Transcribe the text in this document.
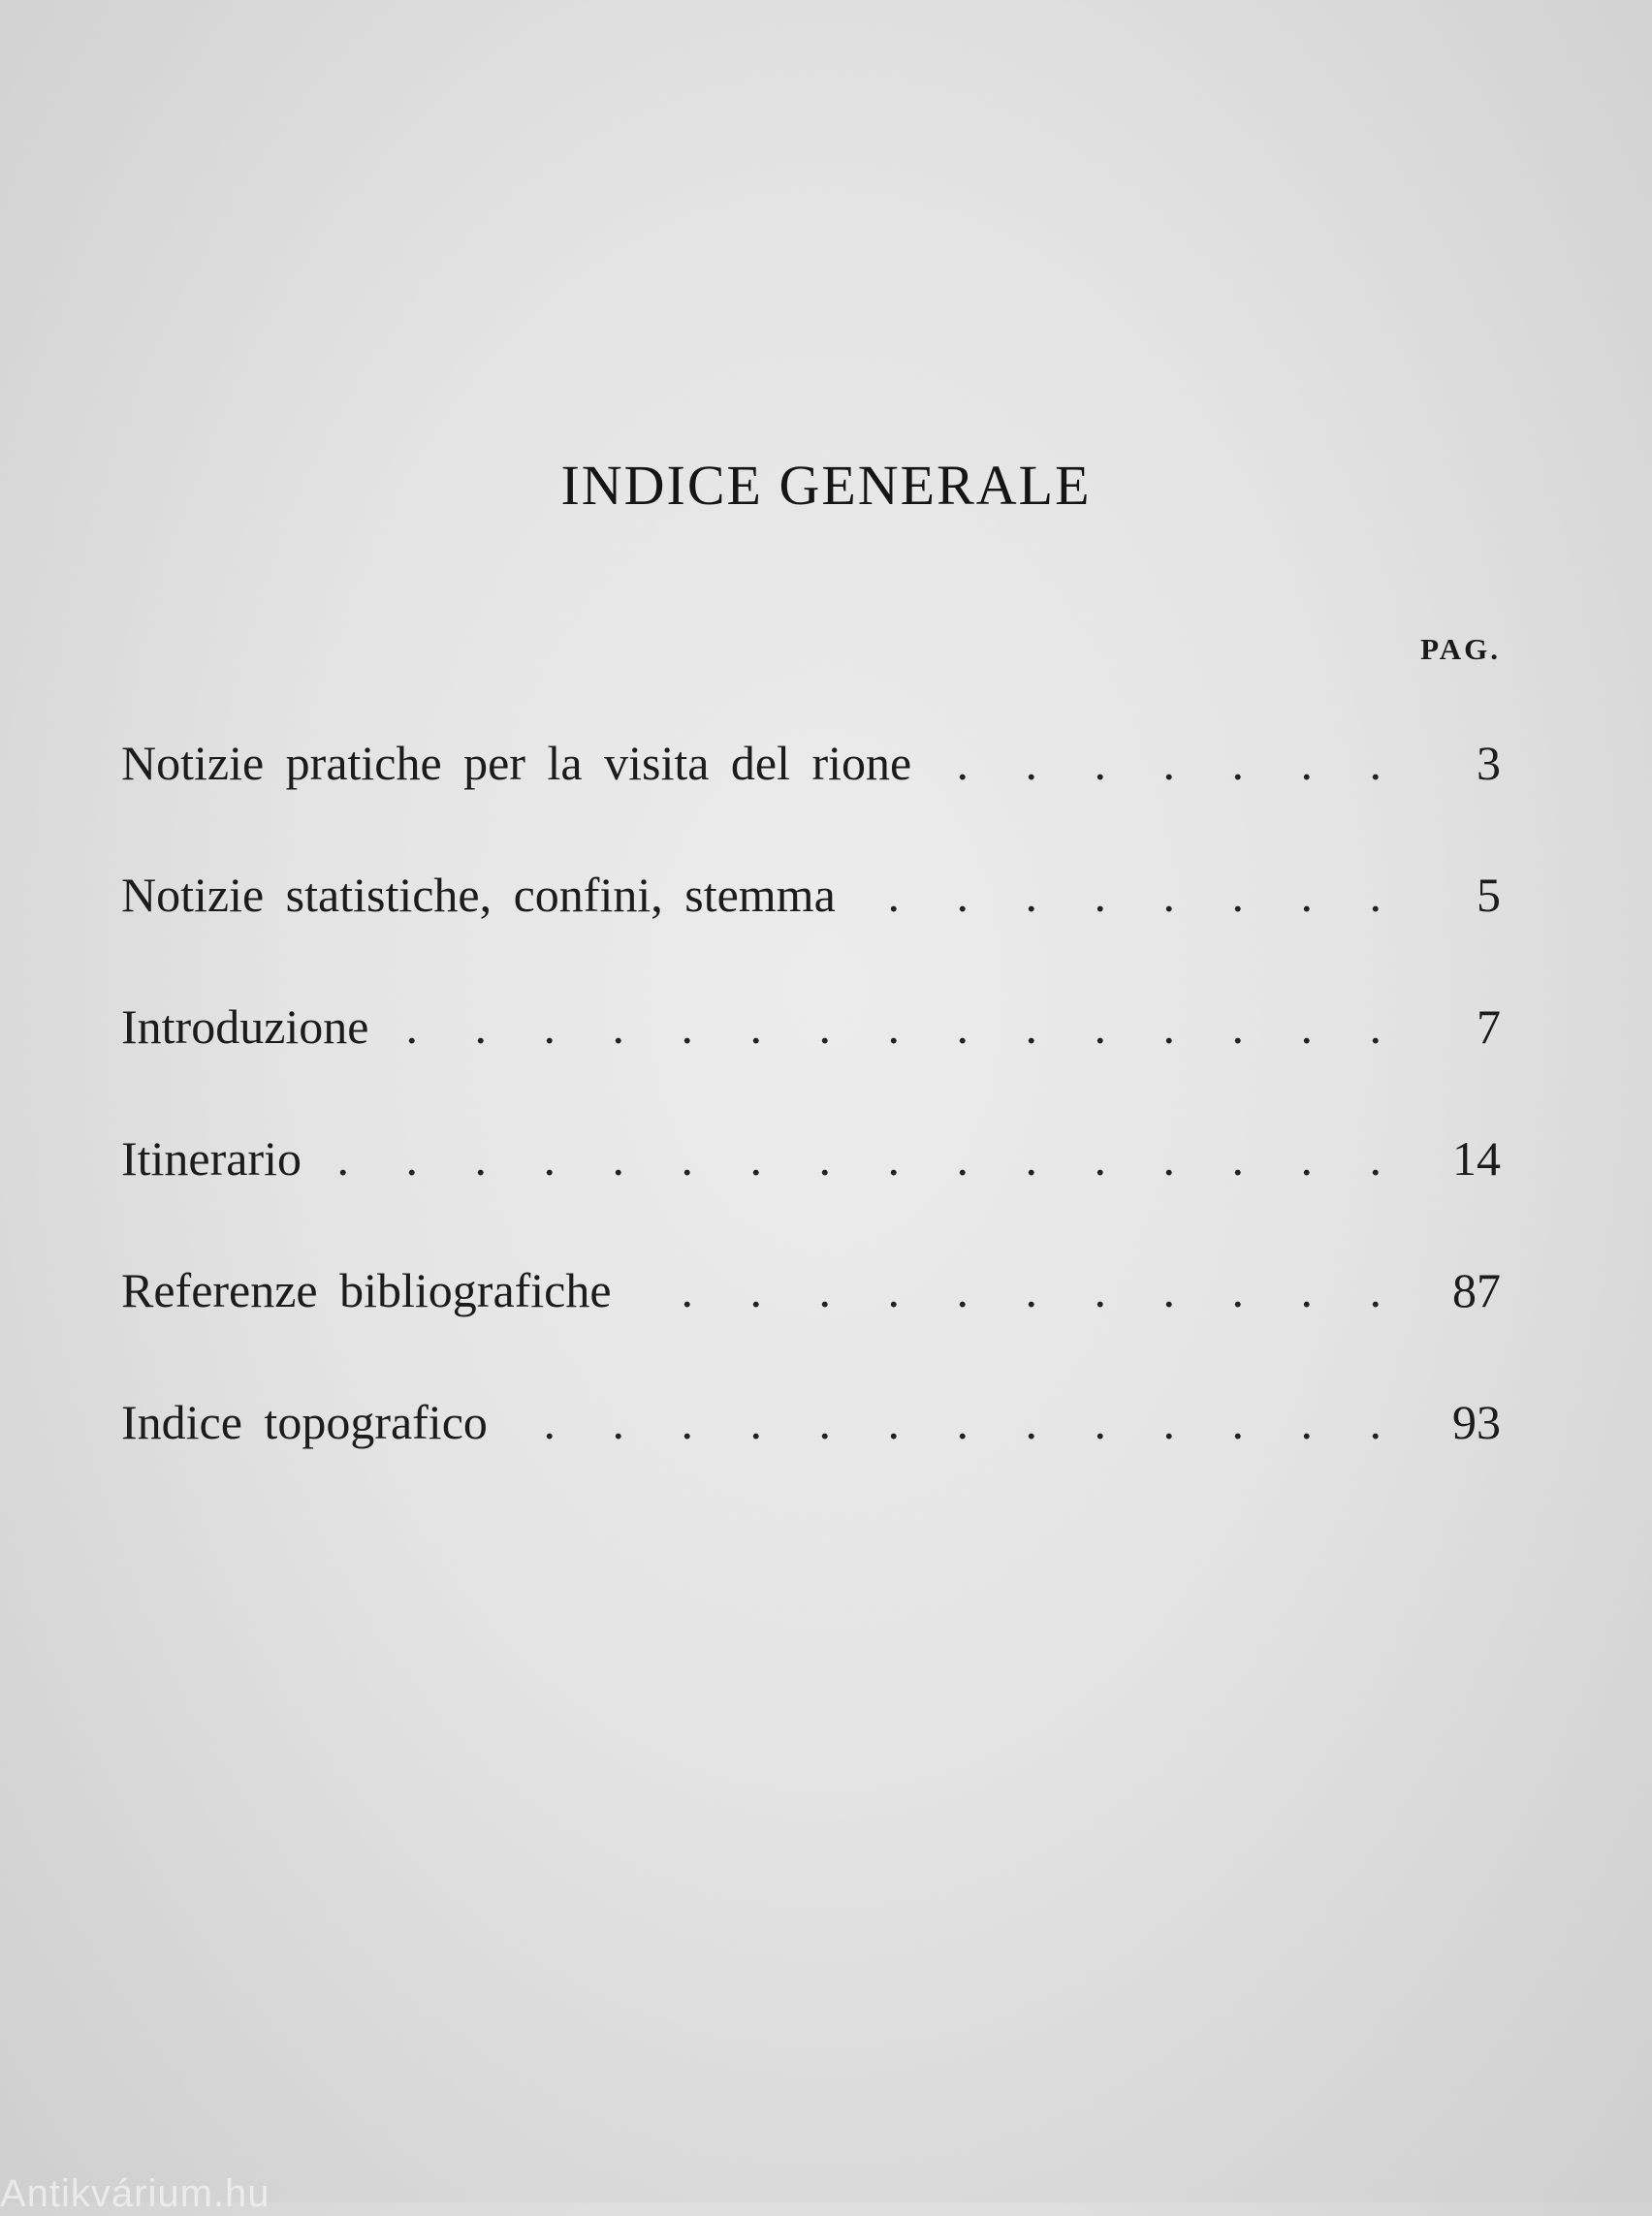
INDICE GENERALE
PAG.
Notizie pratiche per la visita del rione . . .	3
Notizie statistiche, confini, stemma . . .	5
Introduzione . . .	7
Itinerario . . .	14
Referenze bibliografiche . . .	87
Indice topografico . . .	93
Antikvárium.hu
